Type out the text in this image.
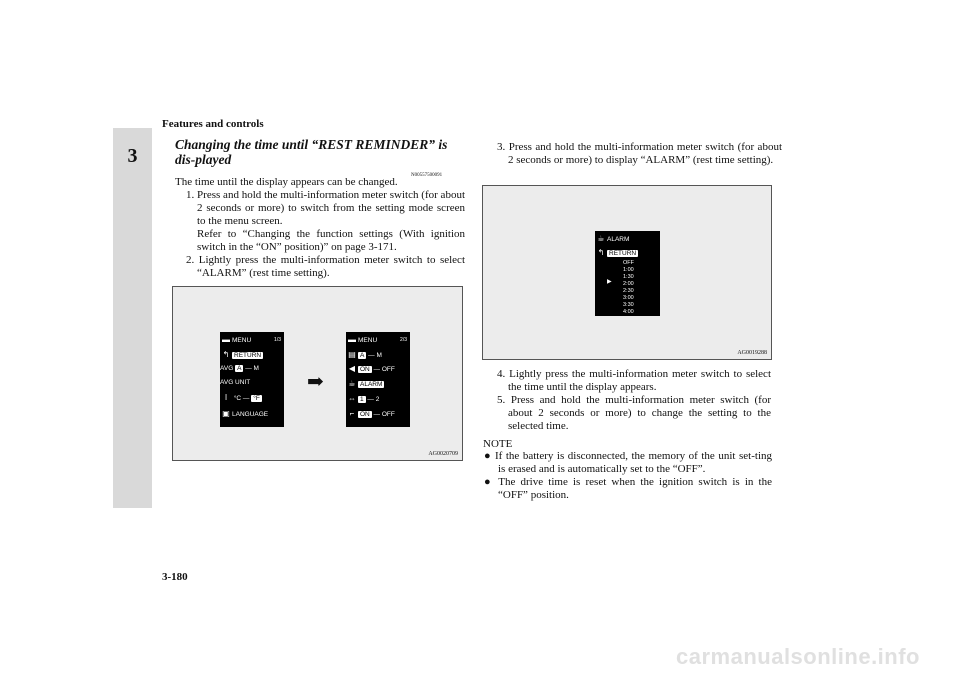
Features and controls
3
Changing the time until “REST REMINDER” is dis-played
N00557500091
The time until the display appears can be changed.
1. Press and hold the multi-information meter switch (for about 2 seconds or more) to switch from the setting mode screen to the menu screen.
Refer to “Changing the function settings (With ignition switch in the “ON” position)” on page 3-171.
2. Lightly press the multi-information meter switch to select “ALARM” (rest time setting).
▬ MENU	1/3
↰ RETURN
AVG A — M
AVG UNIT
ǀ °C — °F
▣ LANGUAGE
➡
▬ MENU	2/3
▤ A — M
◀ ON — OFF
☕ ALARM
⇔ 1 — 2
⌐ ON — OFF
AG0020709
3. Press and hold the multi-information meter switch (for about 2 seconds or more) to display “ALARM” (rest time setting).
☕ ALARM
↰ RETURN
▶
OFF
1:00
1:30
2:00
2:30
3:00
3:30
4:00
AG0019288
4. Lightly press the multi-information meter switch to select the time until the display appears.
5. Press and hold the multi-information meter switch (for about 2 seconds or more) to change the setting to the selected time.
NOTE
● If the battery is disconnected, the memory of the unit set-ting is erased and is automatically set to the “OFF”.
● The drive time is reset when the ignition switch is in the “OFF” position.
3-180
carmanualsonline.info
